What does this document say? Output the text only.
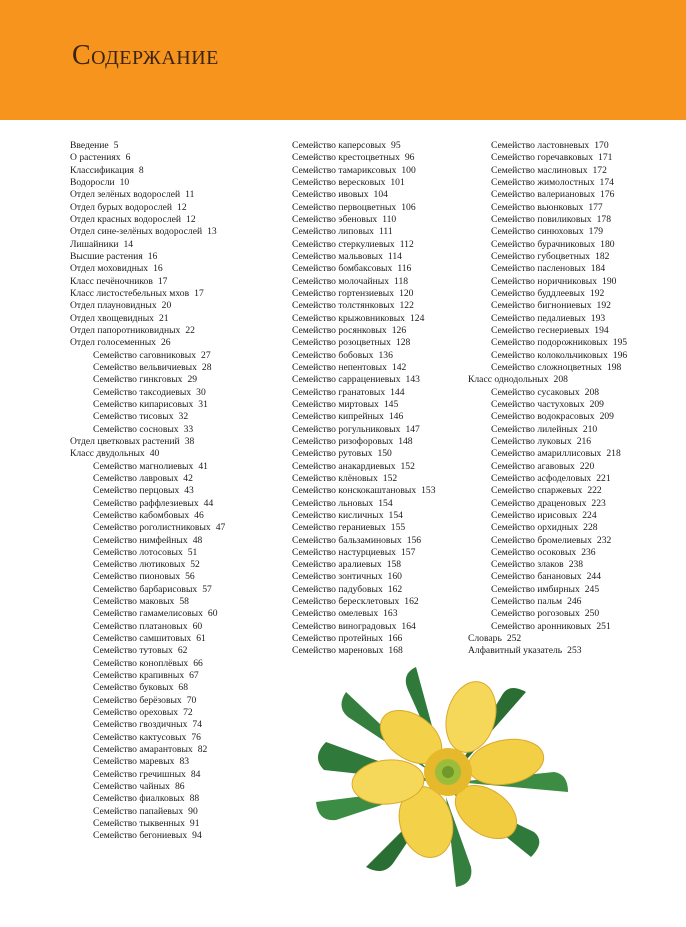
Содержание
Введение 5
О растениях 6
Классификация 8
Водоросли 10
Отдел зелёных водорослей 11
Отдел бурых водорослей 12
Отдел красных водорослей 12
Отдел сине-зелёных водорослей 13
Лишайники 14
Высшие растения 16
Отдел моховидных 16
Класс печёночников 17
Класс листостебельных мхов 17
Отдел плауновидных 20
Отдел хвощевидных 21
Отдел папоротниковидных 22
Отдел голосеменных 26
Семейство саговниковых 27
Семейство вельвичиевых 28
Семейство гинкговых 29
Семейство таксодиевых 30
Семейство кипарисовых 31
Семейство тисовых 32
Семейство сосновых 33
Отдел цветковых растений 38
Класс двудольных 40
Семейство магнолиевых 41
Семейство лавровых 42
Семейство перцовых 43
Семейство раффлезиевых 44
Семейство кабомбовых 46
Семейство роголистниковых 47
Семейство нимфейных 48
Семейство лотосовых 51
Семейство лютиковых 52
Семейство пионовых 56
Семейство барбарисовых 57
Семейство маковых 58
Семейство гамамелисовых 60
Семейство платановых 60
Семейство самшитовых 61
Семейство тутовых 62
Семейство коноплёвых 66
Семейство крапивных 67
Семейство буковых 68
Семейство берёзовых 70
Семейство ореховых 72
Семейство гвоздичных 74
Семейство кактусовых 76
Семейство амарантовых 82
Семейство маревых 83
Семейство гречишных 84
Семейство чайных 86
Семейство фиалковых 88
Семейство папайевых 90
Семейство тыквенных 91
Семейство бегониевых 94
Семейство каперсовых 95
Семейство крестоцветных 96
Семейство тамариксовых 100
Семейство вересковых 101
Семейство ивовых 104
Семейство первоцветных 106
Семейство эбеновых 110
Семейство липовых 111
Семейство стеркулиевых 112
Семейство мальвовых 114
Семейство бомбаксовых 116
Семейство молочайных 118
Семейство гортензиевых 120
Семейство толстянковых 122
Семейство крыжовниковых 124
Семейство росянковых 126
Семейство розоцветных 128
Семейство бобовых 136
Семейство непентовых 142
Семейство саррацениевых 143
Семейство гранатовых 144
Семейство миртовых 145
Семейство кипрейных 146
Семейство рогульниковых 147
Семейство ризофоровых 148
Семейство рутовых 150
Семейство анакардиевых 152
Семейство клёновых 152
Семейство конскокаштановых 153
Семейство льновых 154
Семейство кисличных 154
Семейство гераниевых 155
Семейство бальзаминовых 156
Семейство настурциевых 157
Семейство аралиевых 158
Семейство зонтичных 160
Семейство падубовых 162
Семейство бересклетовых 162
Семейство омелевых 163
Семейство виноградовых 164
Семейство протейных 166
Семейство мареновых 168
Семейство ластовневых 170
Семейство горечавковых 171
Семейство маслиновых 172
Семейство жимолостных 174
Семейство валериановых 176
Семейство вьюнковых 177
Семейство повиликовых 178
Семейство синюховых 179
Семейство бурачниковых 180
Семейство губоцветных 182
Семейство пасленовых 184
Семейство норичниковых 190
Семейство буддлеевых 192
Семейство бигнониевых 192
Семейство педалиевых 193
Семейство геснериевых 194
Семейство подорожниковых 195
Семейство колокольчиковых 196
Семейство сложноцветных 198
Класс однодольных 208
Семейство сусаковых 208
Семейство частуховых 209
Семейство водокрасовых 209
Семейство лилейных 210
Семейство луковых 216
Семейство амариллисовых 218
Семейство агавовых 220
Семейство асфоделовых 221
Семейство спаржевых 222
Семейство драценовых 223
Семейство ирисовых 224
Семейство орхидных 228
Семейство бромелиевых 232
Семейство осоковых 236
Семейство злаков 238
Семейство банановых 244
Семейство имбирных 245
Семейство пальм 246
Семейство рогозовых 250
Семейство аронниковых 251
Словарь 252
Алфавитный указатель 253
